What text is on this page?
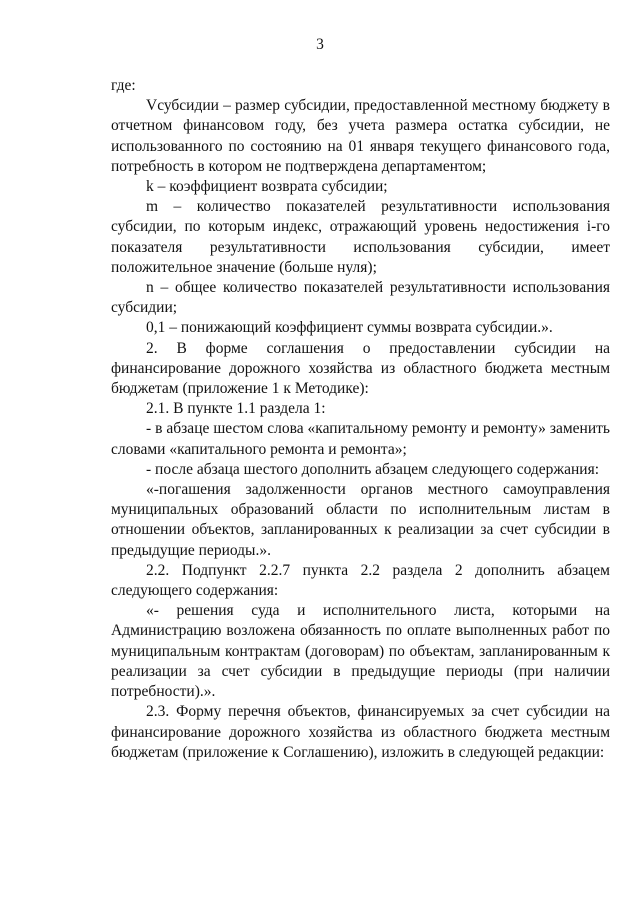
3

где:

Vсубсидии – размер субсидии, предоставленной местному бюджету в отчетном финансовом году, без учета размера остатка субсидии, не использованного по состоянию на 01 января текущего финансового года, потребность в котором не подтверждена департаментом;

k – коэффициент возврата субсидии;

m – количество показателей результативности использования субсидии, по которым индекс, отражающий уровень недостижения i-го показателя результативности использования субсидии, имеет положительное значение (больше нуля);

n – общее количество показателей результативности использования субсидии;

0,1 – понижающий коэффициент суммы возврата субсидии.».

2. В форме соглашения о предоставлении субсидии на финансирование дорожного хозяйства из областного бюджета местным бюджетам (приложение 1 к Методике):

2.1. В пункте 1.1 раздела 1:

- в абзаце шестом слова «капитальному ремонту и ремонту» заменить словами «капитального ремонта и ремонта»;

- после абзаца шестого дополнить абзацем следующего содержания:

«-погашения задолженности органов местного самоуправления муниципальных образований области по исполнительным листам в отношении объектов, запланированных к реализации за счет субсидии в предыдущие периоды.».

2.2. Подпункт 2.2.7 пункта 2.2 раздела 2 дополнить абзацем следующего содержания:

«- решения суда и исполнительного листа, которыми на Администрацию возложена обязанность по оплате выполненных работ по муниципальным контрактам (договорам) по объектам, запланированным к реализации за счет субсидии в предыдущие периоды (при наличии потребности).».

2.3. Форму перечня объектов, финансируемых за счет субсидии на финансирование дорожного хозяйства из областного бюджета местным бюджетам (приложение к Соглашению), изложить в следующей редакции:
